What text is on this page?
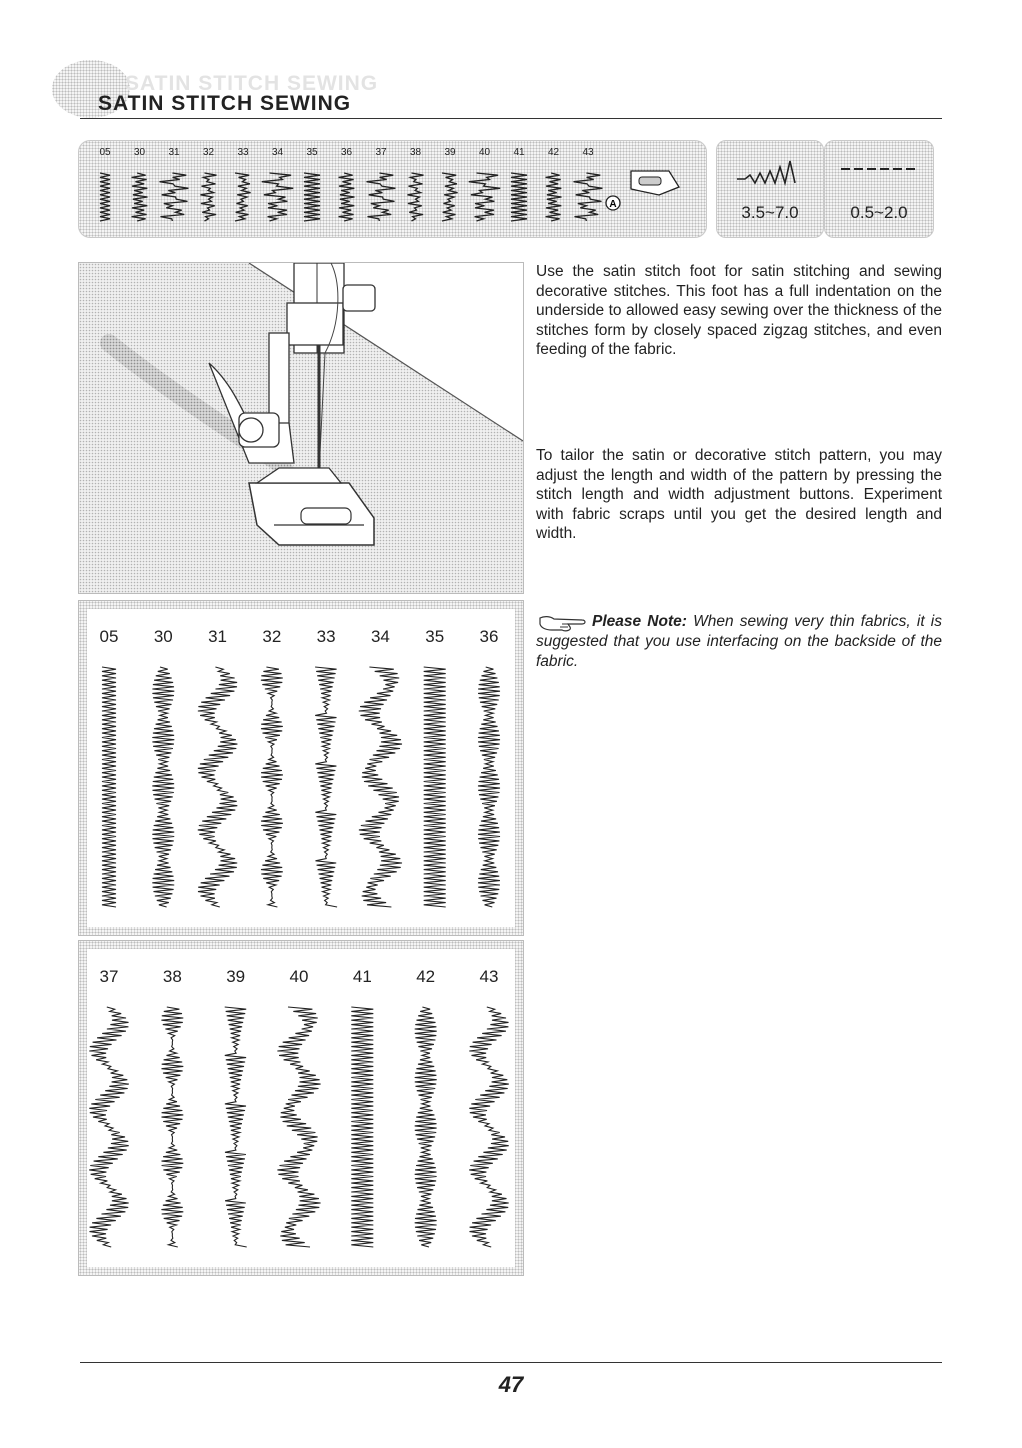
SATIN STITCH SEWING
SATIN STITCH SEWING
05 30 31 32 33 34 35 36 37 38 39 40 41 42 43
A	3.5~7.0	0.5~2.0
Use the satin stitch foot for satin stitching and sewing decorative stitches. This foot has a full indentation on the underside to allowed easy sewing over the thickness of the stitches form by closely spaced zigzag stitches, and even feeding of the fabric.
To tailor the satin or decorative stitch pattern, you may adjust the length and width of the pattern by pressing the stitch length and width adjustment buttons. Experiment with fabric scraps until you get the desired length and width.
Please Note: When sewing very thin fabrics, it is suggested that you use interfacing on the backside of the fabric.
05 30 31 32 33 34 35 36
37	38	39	40	41	42	43
47
